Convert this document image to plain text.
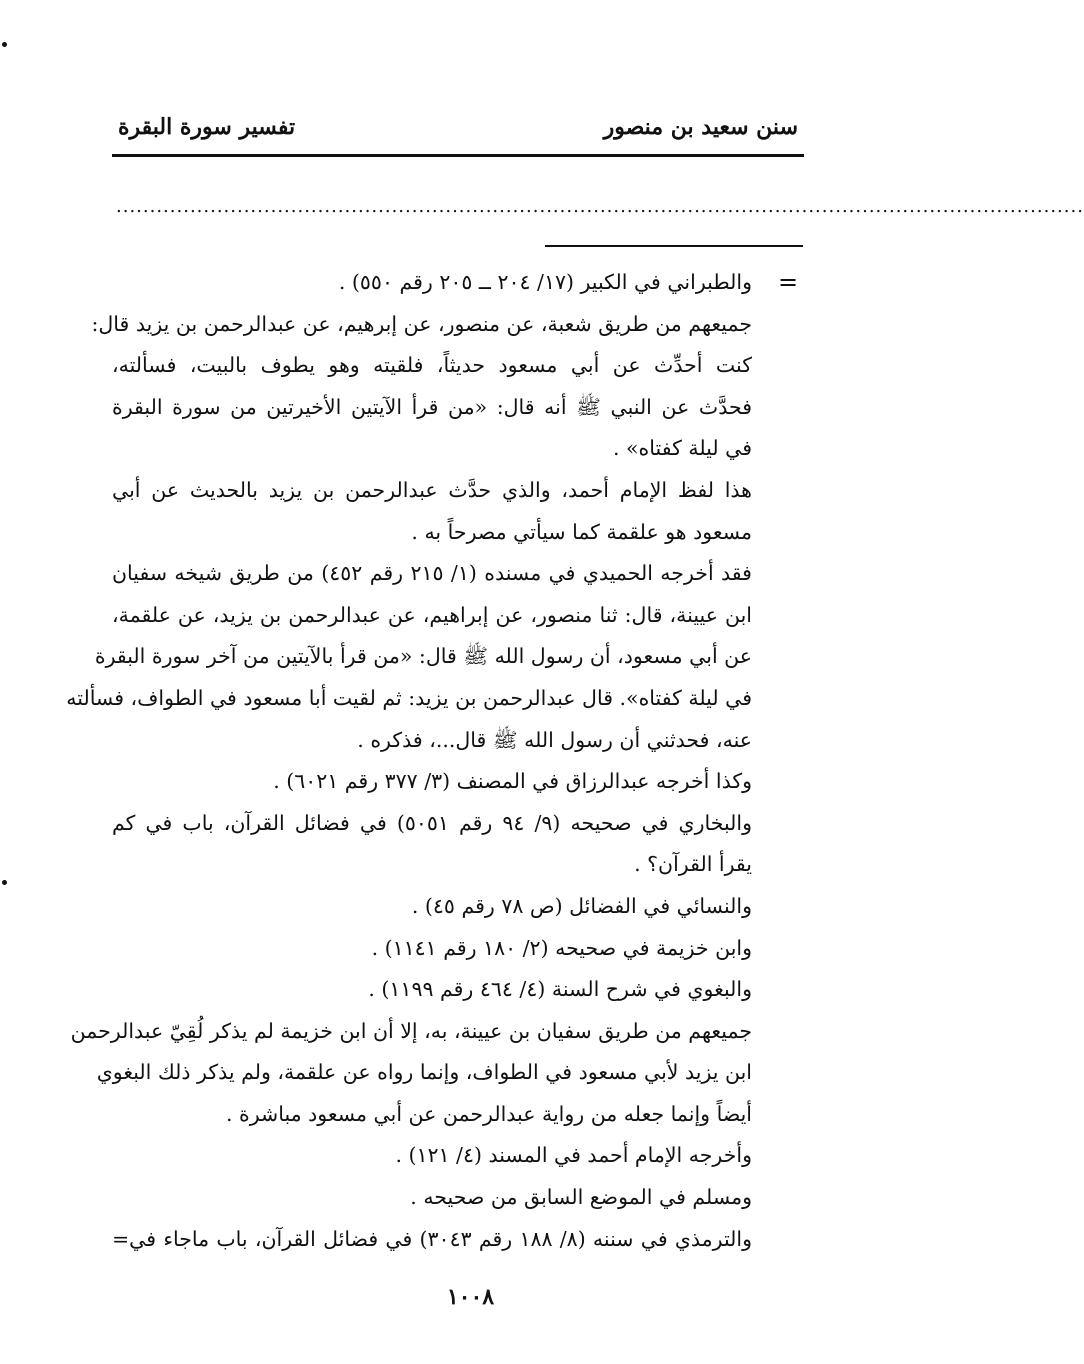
سنن سعيد بن منصور
تفسير سورة البقرة
................................................................................................................................................
=
والطبراني في الكبير (١٧/ ٢٠٤ ــ ٢٠٥ رقم ٥٥٠) .
جميعهم من طريق شعبة، عن منصور، عن إبرهيم، عن عبدالرحمن بن يزيد قال:
كنت أحدِّث عن أبي مسعود حديثاً، فلقيته وهو يطوف بالبيت، فسألته،
فحدَّث عن النبي ﷺ أنه قال: «من قرأ الآيتين الأخيرتين من سورة البقرة
في ليلة كفتاه» .
هذا لفظ الإمام أحمد، والذي حدَّث عبدالرحمن بن يزيد بالحديث عن أبي
مسعود هو علقمة كما سيأتي مصرحاً به .
فقد أخرجه الحميدي في مسنده (١/ ٢١٥ رقم ٤٥٢) من طريق شيخه سفيان
ابن عيينة، قال: ثنا منصور، عن إبراهيم، عن عبدالرحمن بن يزيد، عن علقمة،
عن أبي مسعود، أن رسول الله ﷺ قال: «من قرأ بالآيتين من آخر سورة البقرة
في ليلة كفتاه». قال عبدالرحمن بن يزيد: ثم لقيت أبا مسعود في الطواف، فسألته
عنه، فحدثني أن رسول الله ﷺ قال...، فذكره .
وكذا أخرجه عبدالرزاق في المصنف (٣/ ٣٧٧ رقم ٦٠٢١) .
والبخاري في صحيحه (٩/ ٩٤ رقم ٥٠٥١) في فضائل القرآن، باب في كم
يقرأ القرآن؟ .
والنسائي في الفضائل (ص ٧٨ رقم ٤٥) .
وابن خزيمة في صحيحه (٢/ ١٨٠ رقم ١١٤١) .
والبغوي في شرح السنة (٤/ ٤٦٤ رقم ١١٩٩) .
جميعهم من طريق سفيان بن عيينة، به، إلا أن ابن خزيمة لم يذكر لُقِيّ عبدالرحمن
ابن يزيد لأبي مسعود في الطواف، وإنما رواه عن علقمة، ولم يذكر ذلك البغوي
أيضاً وإنما جعله من رواية عبدالرحمن عن أبي مسعود مباشرة .
وأخرجه الإمام أحمد في المسند (٤/ ١٢١) .
ومسلم في الموضع السابق من صحيحه .
والترمذي في سننه (٨/ ١٨٨ رقم ٣٠٤٣) في فضائل القرآن، باب ماجاء في=
١٠٠٨
